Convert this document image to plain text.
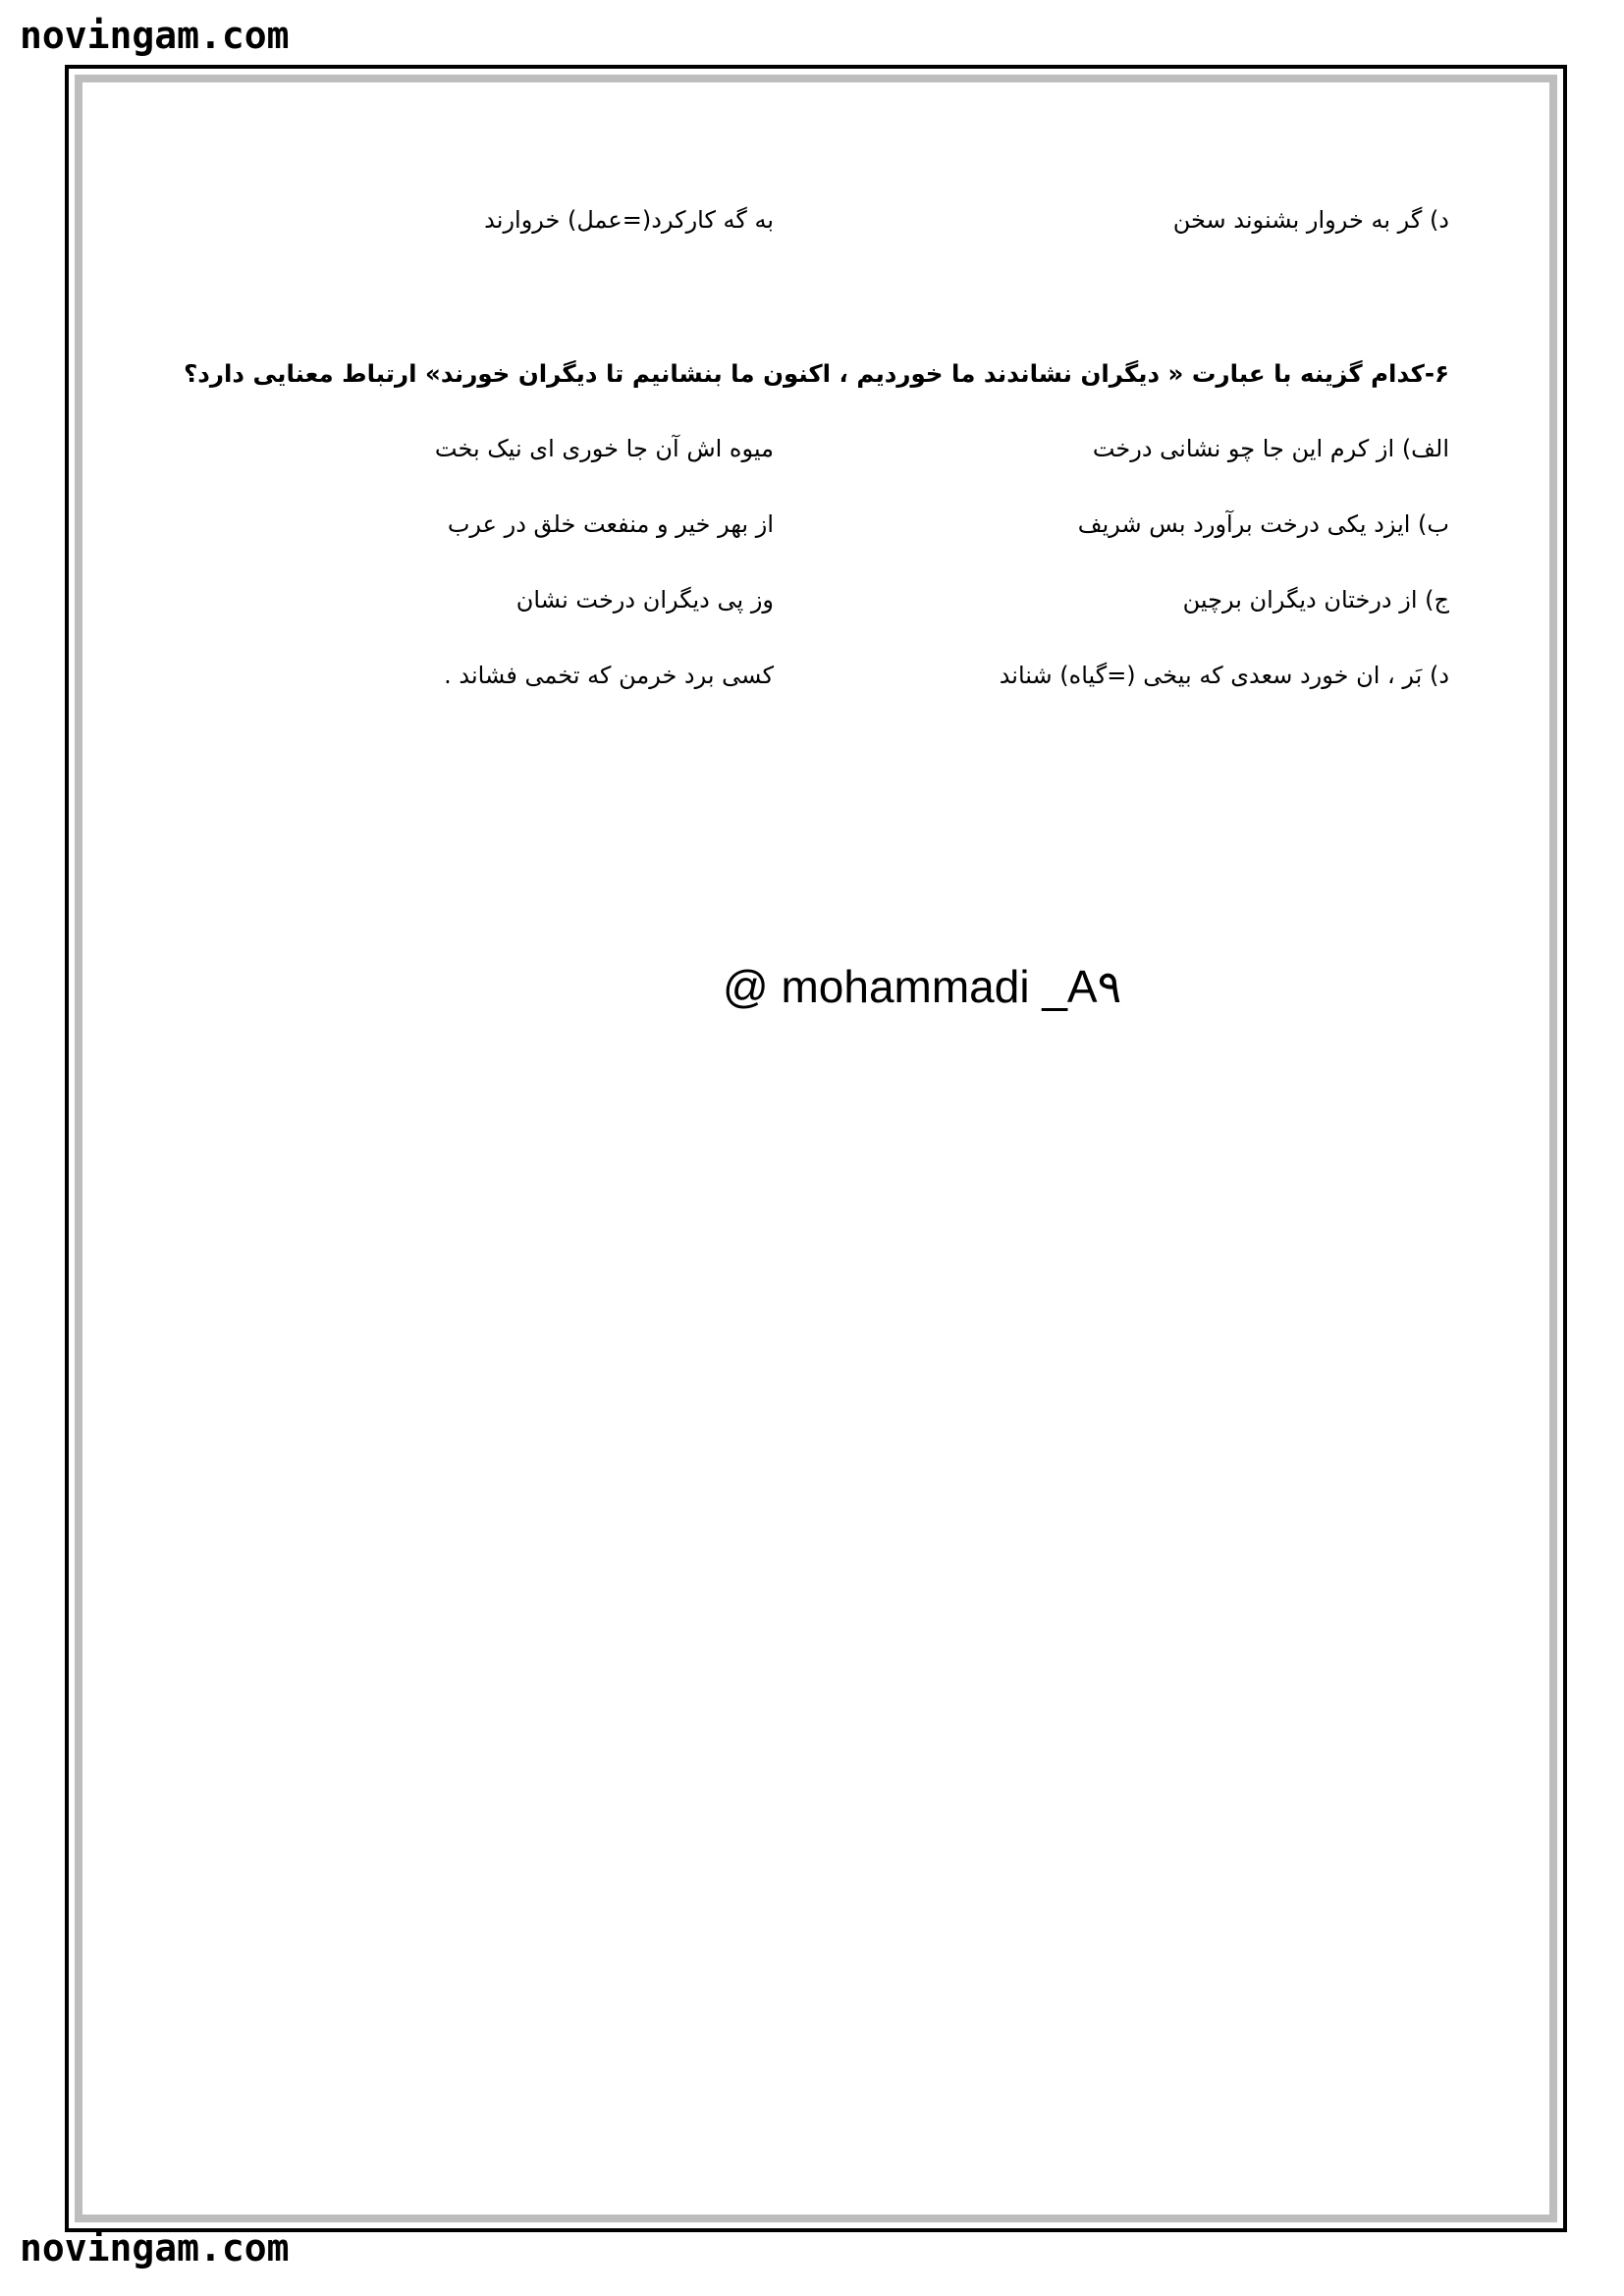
novingam.com
د) گر به خروار بشنوند سخن
به گه کارکرد(=عمل) خروارند
۶-کدام گزینه با عبارت « دیگران نشاندند ما خوردیم ، اکنون ما بنشانیم تا دیگران خورند» ارتباط معنایی دارد؟
الف) از کرم این جا چو نشانی درخت
میوه اش آن جا خوری ای نیک بخت
ب) ایزد یکی درخت برآورد بس شریف
از بهر خیر و منفعت خلق در عرب
ج) از درختان دیگران برچین
وز پی دیگران درخت نشان
د) بَر ، ان خورد سعدی که بیخی (=گیاه) شناند
کسی برد خرمن که تخمی فشاند .
@ mohammadi _A۹
novingam.com
